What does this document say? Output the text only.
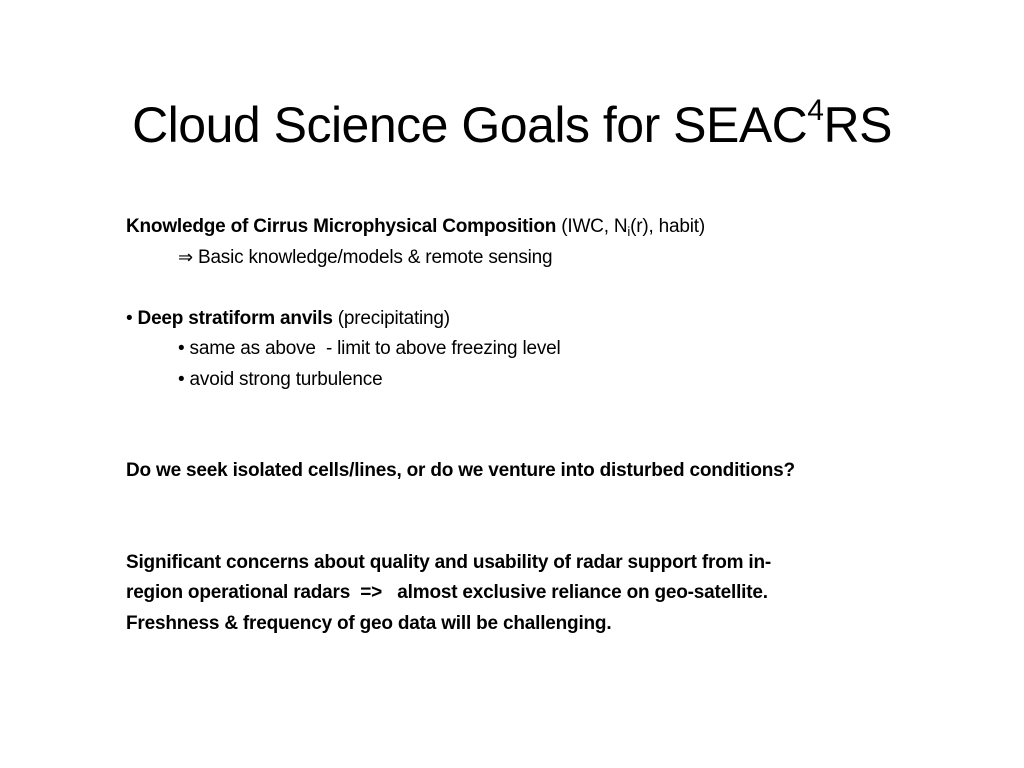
Cloud Science Goals for SEAC$^4$RS
Knowledge of Cirrus Microphysical Composition (IWC, $N_i(r)$, habit)
⇒ Basic knowledge/models & remote sensing
• Deep stratiform anvils (precipitating)
• same as above  - limit to above freezing level
• avoid strong turbulence
Do we seek isolated cells/lines, or do we venture into disturbed conditions?
Significant concerns about quality and usability of radar support from in-
region operational radars  =>   almost exclusive reliance on geo-satellite.
Freshness & frequency of geo data will be challenging.
